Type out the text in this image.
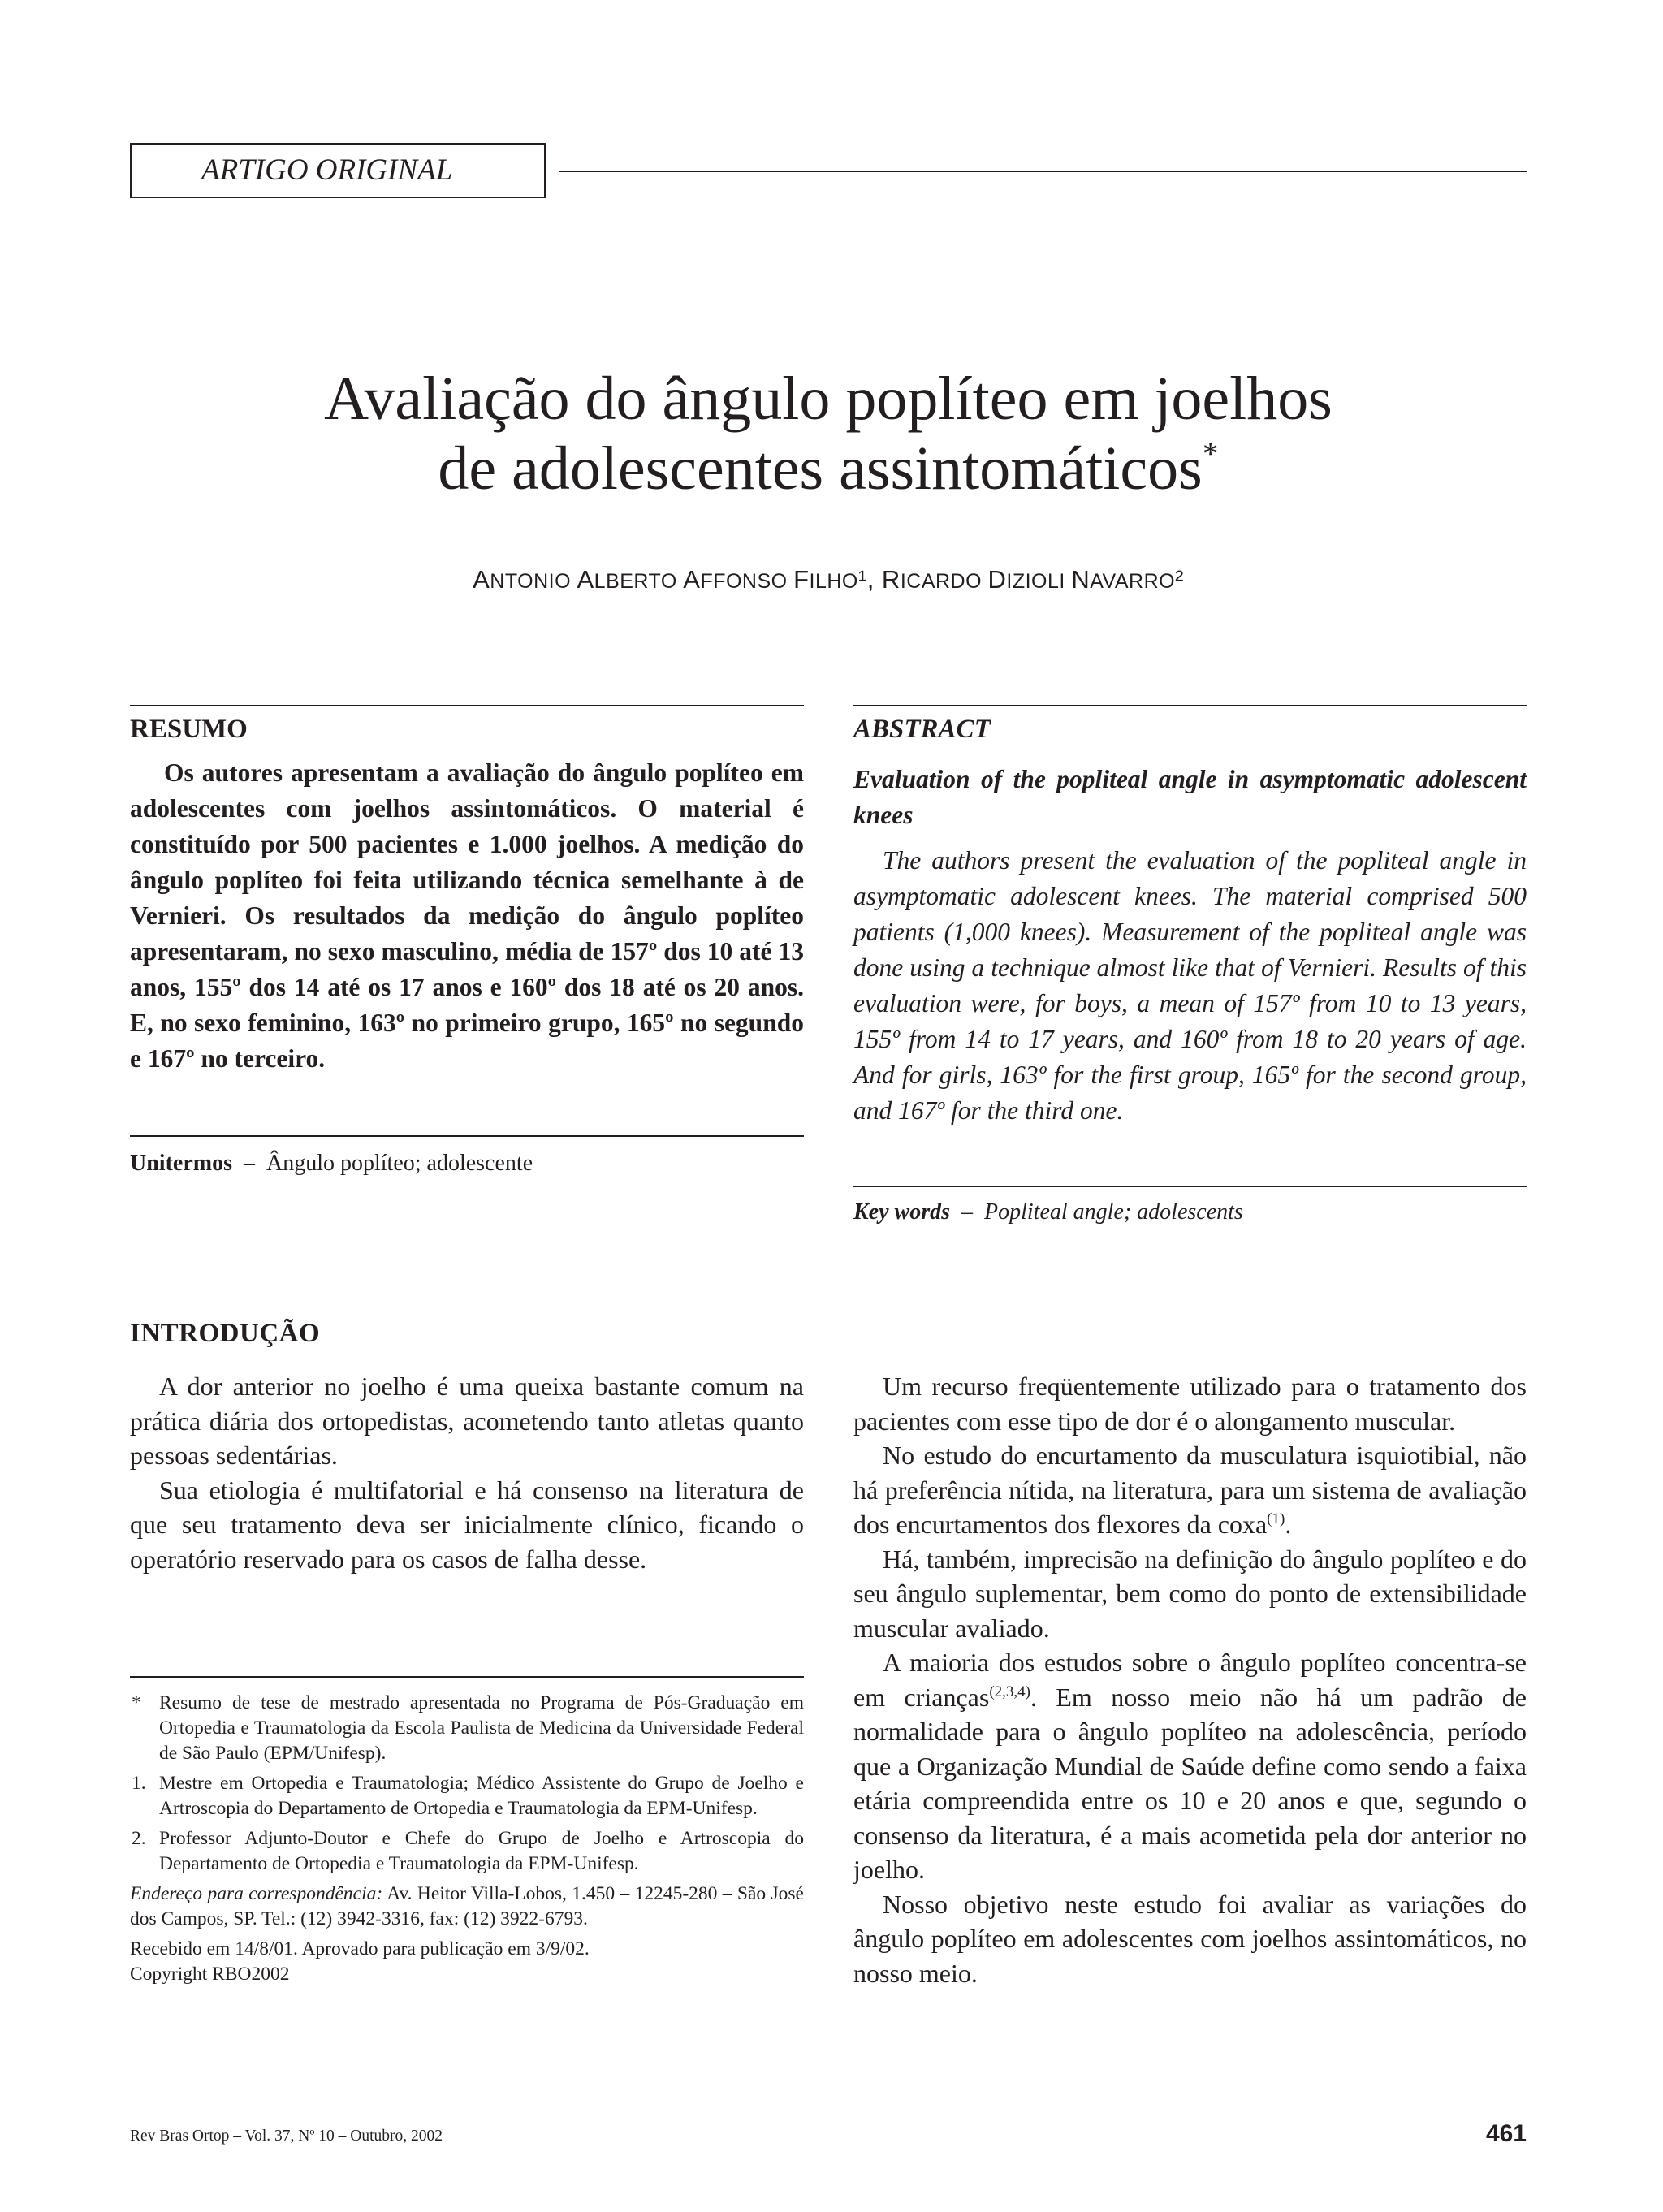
ARTIGO ORIGINAL
Avaliação do ângulo poplíteo em joelhos
de adolescentes assintomáticos*
ANTONIO ALBERTO AFFONSO FILHO¹, RICARDO DIZIOLI NAVARRO²
RESUMO
Os autores apresentam a avaliação do ângulo poplíteo em adolescentes com joelhos assintomáticos. O material é constituído por 500 pacientes e 1.000 joelhos. A medição do ângulo poplíteo foi feita utilizando técnica semelhante à de Vernieri. Os resultados da medição do ângulo poplíteo apresentaram, no sexo masculino, média de 157º dos 10 até 13 anos, 155º dos 14 até os 17 anos e 160º dos 18 até os 20 anos. E, no sexo feminino, 163º no primeiro grupo, 165º no segundo e 167º no terceiro.
Unitermos – Ângulo poplíteo; adolescente
ABSTRACT
Evaluation of the popliteal angle in asymptomatic adolescent knees
The authors present the evaluation of the popliteal angle in asymptomatic adolescent knees. The material comprised 500 patients (1,000 knees). Measurement of the popliteal angle was done using a technique almost like that of Vernieri. Results of this evaluation were, for boys, a mean of 157º from 10 to 13 years, 155º from 14 to 17 years, and 160º from 18 to 20 years of age. And for girls, 163º for the first group, 165º for the second group, and 167º for the third one.
Key words – Popliteal angle; adolescents
INTRODUÇÃO

A dor anterior no joelho é uma queixa bastante comum na prática diária dos ortopedistas, acometendo tanto atletas quanto pessoas sedentárias.

Sua etiologia é multifatorial e há consenso na literatura de que seu tratamento deva ser inicialmente clínico, ficando o operatório reservado para os casos de falha desse.

Um recurso freqüentemente utilizado para o tratamento dos pacientes com esse tipo de dor é o alongamento muscular.

No estudo do encurtamento da musculatura isquiotibial, não há preferência nítida, na literatura, para um sistema de avaliação dos encurtamentos dos flexores da coxa$^{(1)}$.

Há, também, imprecisão na definição do ângulo poplíteo e do seu ângulo suplementar, bem como do ponto de extensibilidade muscular avaliado.

A maioria dos estudos sobre o ângulo poplíteo concentra-se em crianças$^{(2,3,4)}$. Em nosso meio não há um padrão de normalidade para o ângulo poplíteo na adolescência, período que a Organização Mundial de Saúde define como sendo a faixa etária compreendida entre os 10 e 20 anos e que, segundo o consenso da literatura, é a mais acometida pela dor anterior no joelho.

Nosso objetivo neste estudo foi avaliar as variações do ângulo poplíteo em adolescentes com joelhos assintomáticos, no nosso meio.

* Resumo de tese de mestrado apresentada no Programa de Pós-Graduação em Ortopedia e Traumatologia da Escola Paulista de Medicina da Universidade Federal de São Paulo (EPM/Unifesp).
1. Mestre em Ortopedia e Traumatologia; Médico Assistente do Grupo de Joelho e Artroscopia do Departamento de Ortopedia e Traumatologia da EPM-Unifesp.
2. Professor Adjunto-Doutor e Chefe do Grupo de Joelho e Artroscopia do Departamento de Ortopedia e Traumatologia da EPM-Unifesp.
Endereço para correspondência: Av. Heitor Villa-Lobos, 1.450 – 12245-280 – São José dos Campos, SP. Tel.: (12) 3942-3316, fax: (12) 3922-6793.
Recebido em 14/8/01. Aprovado para publicação em 3/9/02.
Copyright RBO2002
Rev Bras Ortop – Vol. 37, Nº 10 – Outubro, 2002	461
